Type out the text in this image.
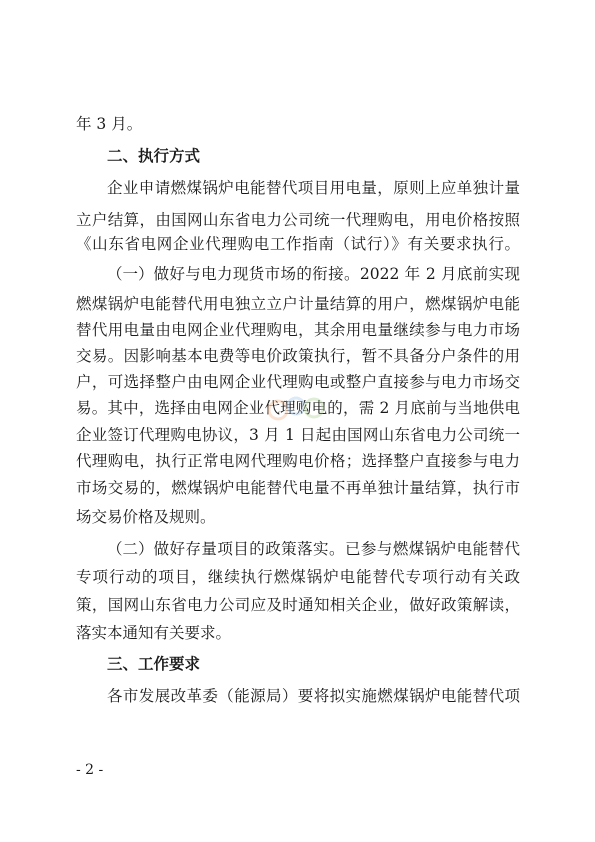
年 3 月。
二、执行方式
企业申请燃煤锅炉电能替代项目用电量，原则上应单独计量
立户结算，由国网山东省电力公司统一代理购电，用电价格按照
《山东省电网企业代理购电工作指南（试行）》有关要求执行。
（一） 做好与电力现货市场的衔接。2022 年 2 月底前实现
燃煤锅炉电能替代用电独立立户计量结算的用户，燃煤锅炉电能
替代用电量由电网企业代理购电，其余用电量继续参与电力市场
交易。因影响基本电费等电价政策执行，暂不具备分户条件的用
户，可选择整户由电网企业代理购电或整户直接参与电力市场交
易。其中，选择由电网企业代理购电的，需 2 月底前与当地供电
企业签订代理购电协议，3 月 1 日起由国网山东省电力公司统一
代理购电，执行正常电网代理购电价格；选择整户直接参与电力
市场交易的，燃煤锅炉电能替代电量不再单独计量结算，执行市
场交易价格及规则。
（二） 做好存量项目的政策落实。已参与燃煤锅炉电能替代
专项行动的项目，继续执行燃煤锅炉电能替代专项行动有关政
策，国网山东省电力公司应及时通知相关企业，做好政策解读，
落实本通知有关要求。
三、工作要求
各市发展改革委（能源局）要将拟实施燃煤锅炉电能替代项
- 2 -
